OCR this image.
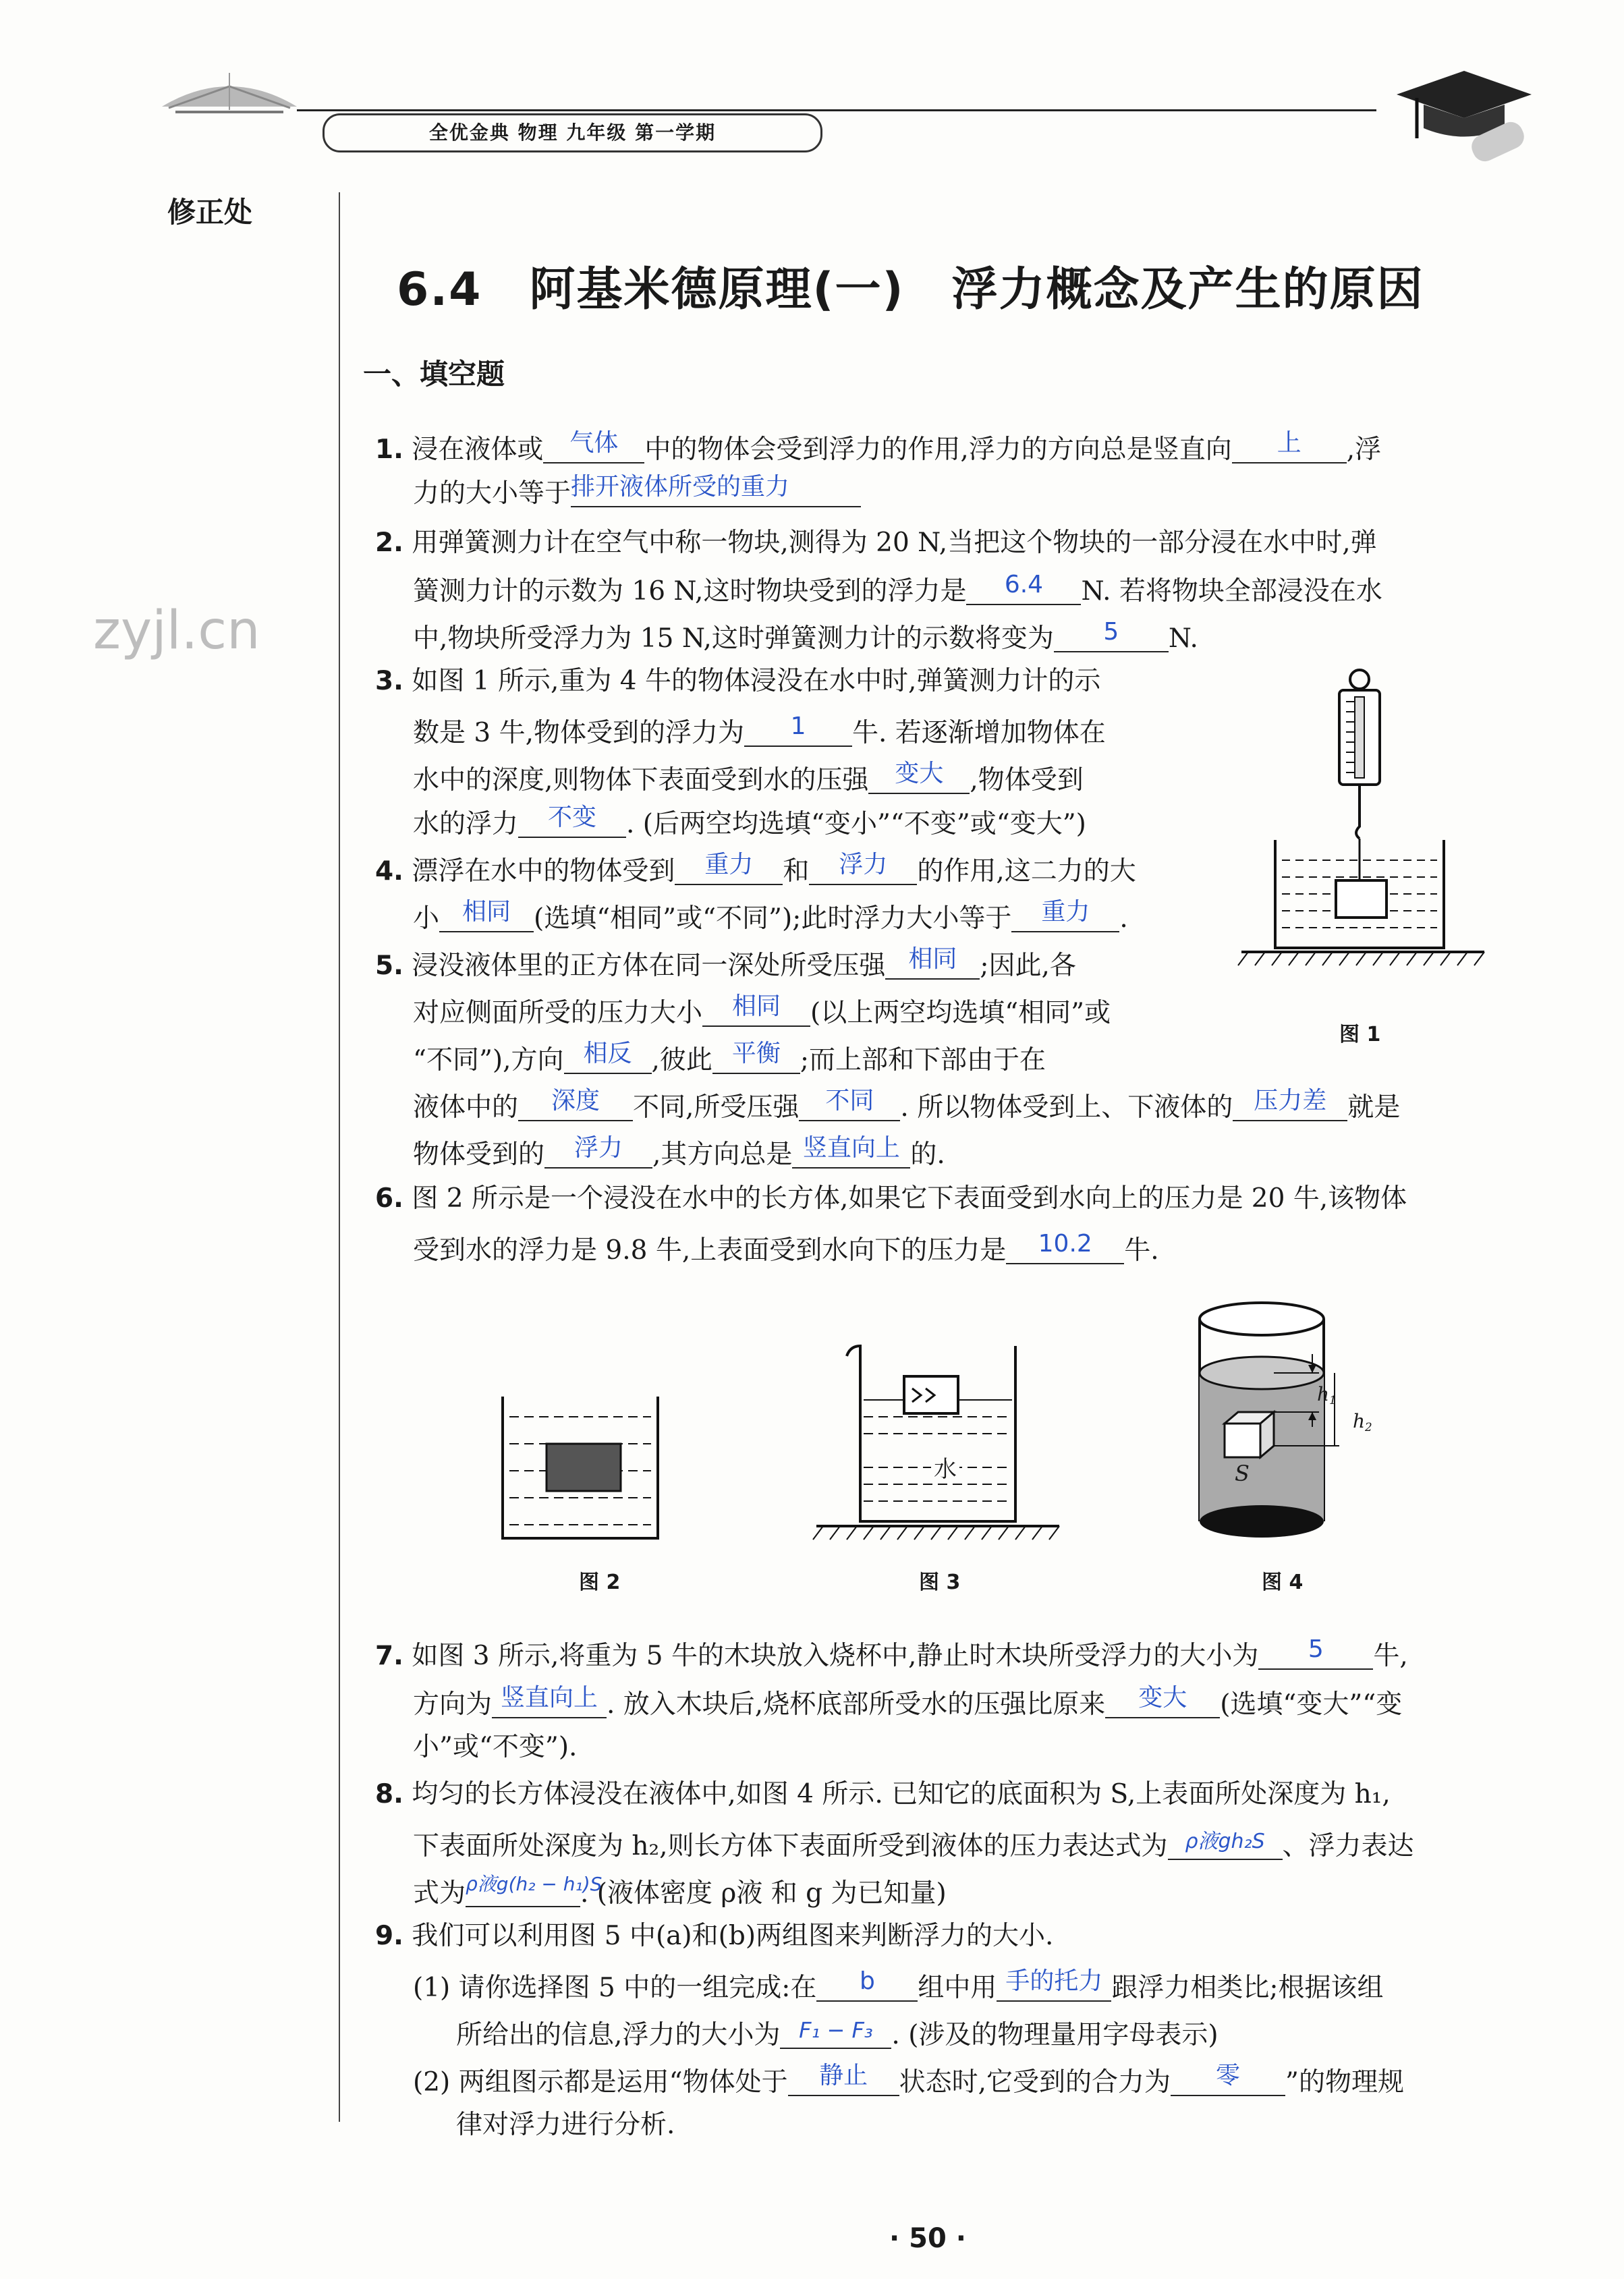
全优金典 物理 九年级 第一学期
修正处
zyjl.cn
6.4　阿基米德原理(一)　浮力概念及产生的原因
一、填空题
1. 浸在液体或	气体	中的物体会受到浮力的作用,浮力的方向总是竖直向	上	,浮
力的大小等于 排开液体所受的重力
2. 用弹簧测力计在空气中称一物块,测得为 20 N,当把这个物块的一部分浸在水中时,弹
簧测力计的示数为 16 N,这时物块受到的浮力是	6.4	N. 若将物块全部浸没在水
中,物块所受浮力为 15 N,这时弹簧测力计的示数将变为	5	N.
3. 如图 1 所示,重为 4 牛的物体浸没在水中时,弹簧测力计的示
数是 3 牛,物体受到的浮力为	1	牛. 若逐渐增加物体在
水中的深度,则物体下表面受到水的压强	变大	,物体受到
水的浮力	不变	. (后两空均选填“变小”“不变”或“变大”)
4. 漂浮在水中的物体受到	重力	和	浮力	的作用,这二力的大
小 相同 (选填“相同”或“不同”);此时浮力大小等于	重力	.
5. 浸没液体里的正方体在同一深处所受压强 相同 ;因此,各
对应侧面所受的压力大小	相同	(以上两空均选填“相同”或
“不同”),方向 相反 ,彼此 平衡 ;而上部和下部由于在
液体中的	深度	不同,所受压强	不同	. 所以物体受到上、下液体的 压力差 就是
物体受到的	浮力	,其方向总是 竖直向上 的.
6. 图 2 所示是一个浸没在水中的长方体,如果它下表面受到水向上的压力是 20 牛,该物体
受到水的浮力是 9.8 牛,上表面受到水向下的压力是	10.2	牛.
图 1
图 2
水
图 3
$h_1$
$h_2$
S
图 4
7. 如图 3 所示,将重为 5 牛的木块放入烧杯中,静止时木块所受浮力的大小为	5	牛,
方向为 竖直向上 . 放入木块后,烧杯底部所受水的压强比原来	变大	(选填“变大”“变
小”或“不变”).
8. 均匀的长方体浸没在液体中,如图 4 所示. 已知它的底面积为 S,上表面所处深度为 h₁,
下表面所处深度为 h₂,则长方体下表面所受到液体的压力表达式为 ρ液gh₂S 、浮力表达
式为 ρ液g(h₂ − h₁)S
. (液体密度 ρ液 和 g 为已知量)
9. 我们可以利用图 5 中(a)和(b)两组图来判断浮力的大小.
(1) 请你选择图 5 中的一组完成:在	b	组中用 手的托力 跟浮力相类比;根据该组
所给出的信息,浮力的大小为 F₁ − F₃ . (涉及的物理量用字母表示)
(2) 两组图示都是运用“物体处于	静止	状态时,它受到的合力为	零	”的物理规
律对浮力进行分析.
· 50 ·
